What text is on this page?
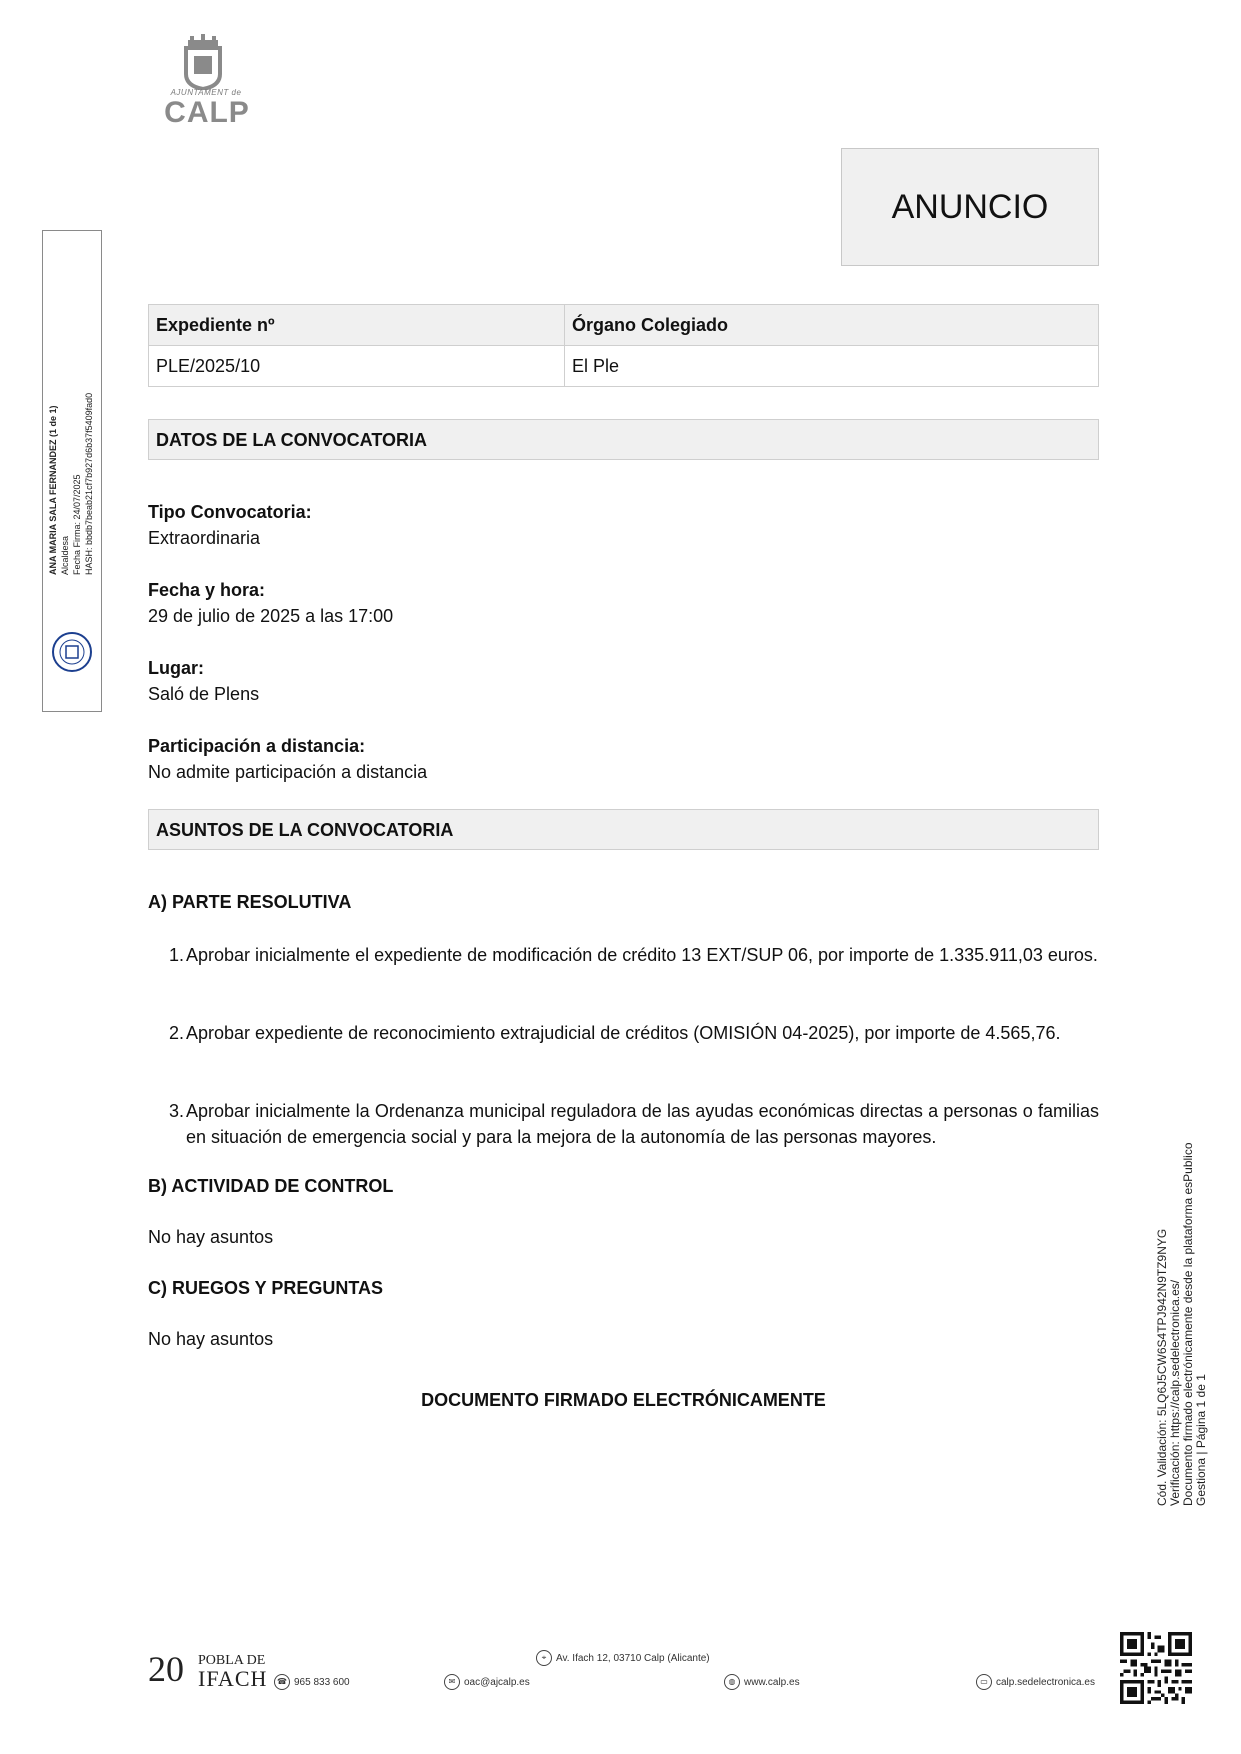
AJUNTAMENT de
CALP
ANUNCIO
Expediente nº	Órgano Colegiado
PLE/2025/10	El Ple
DATOS DE LA CONVOCATORIA
Tipo Convocatoria:
Extraordinaria
Fecha y hora:
29 de julio de 2025 a las 17:00
Lugar:
Saló de Plens
Participación a distancia:
No admite participación a distancia
ASUNTOS DE LA CONVOCATORIA
A) PARTE RESOLUTIVA
1. Aprobar inicialmente el expediente de modificación de crédito 13 EXT/SUP 06, por importe de 1.335.911,03 euros.
2. Aprobar expediente de reconocimiento extrajudicial de créditos (OMISIÓN 04-2025), por importe de 4.565,76.
3. Aprobar inicialmente la Ordenanza municipal reguladora de las ayudas económicas directas a personas o familias en situación de emergencia social y para la mejora de la autonomía de las personas mayores.
B) ACTIVIDAD DE CONTROL
No hay asuntos
C) RUEGOS Y PREGUNTAS
No hay asuntos
DOCUMENTO FIRMADO ELECTRÓNICAMENTE
ANA MARIA SALA FERNANDEZ (1 de 1) Alcaldesa Fecha Firma: 24/07/2025 HASH: bbdb7beab21cf7b927d6b37f5409fad0
Cód. Validación: 5LQ6J5CW6S4TPJ942N9TZ9NYG Verificación: https://calp.sedelectronica.es/ Documento firmado electrónicamente desde la plataforma esPublico Gestiona | Página 1 de 1
20 POBLA DE
IFACH	☎ 965 833 600
⌖ Av. Ifach 12, 03710 Calp (Alicante)
✉ oac@ajcalp.es	◍ www.calp.es	▭ calp.sedelectronica.es
